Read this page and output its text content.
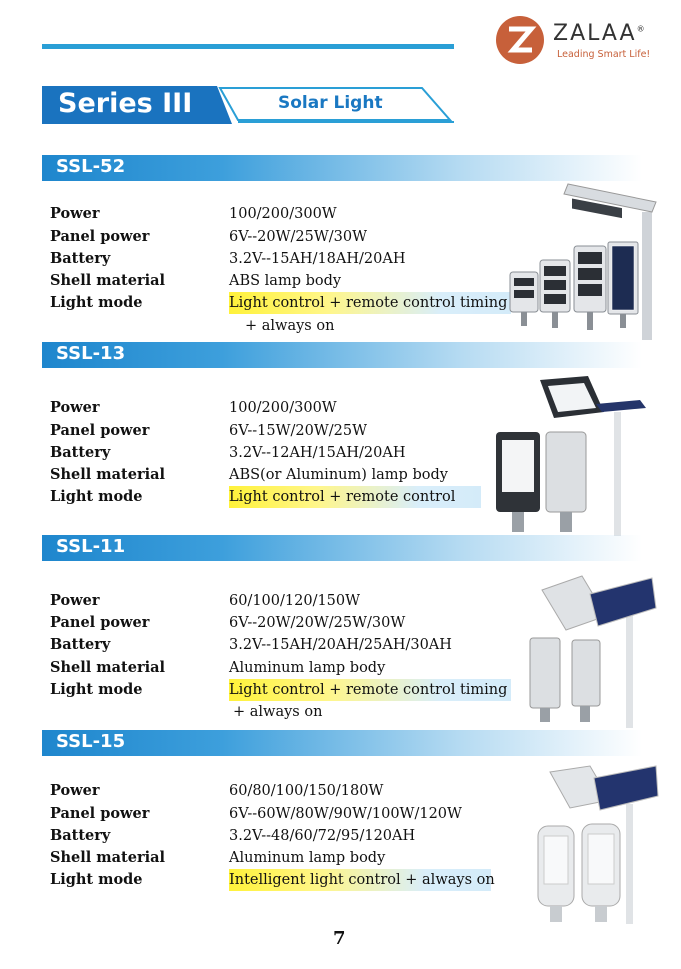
ZALAA®
Leading Smart Life!
Series III	Solar Light
SSL-52
Power	100/200/300W
Panel power	6V--20W/25W/30W
Battery	3.2V--15AH/18AH/20AH
Shell material	ABS lamp body
Light mode	Light control + remote control timing
+ always on
SSL-13
Power	100/200/300W
Panel power	6V--15W/20W/25W
Battery	3.2V--12AH/15AH/20AH
Shell material	ABS(or Aluminum) lamp body
Light mode	Light control + remote control
SSL-11
Power	60/100/120/150W
Panel power	6V--20W/20W/25W/30W
Battery	3.2V--15AH/20AH/25AH/30AH
Shell material	Aluminum lamp body
Light mode	Light control + remote control timing
+ always on
SSL-15
Power	60/80/100/150/180W
Panel power	6V--60W/80W/90W/100W/120W
Battery	3.2V--48/60/72/95/120AH
Shell material	Aluminum lamp body
Light mode	Intelligent light control + always on
7
